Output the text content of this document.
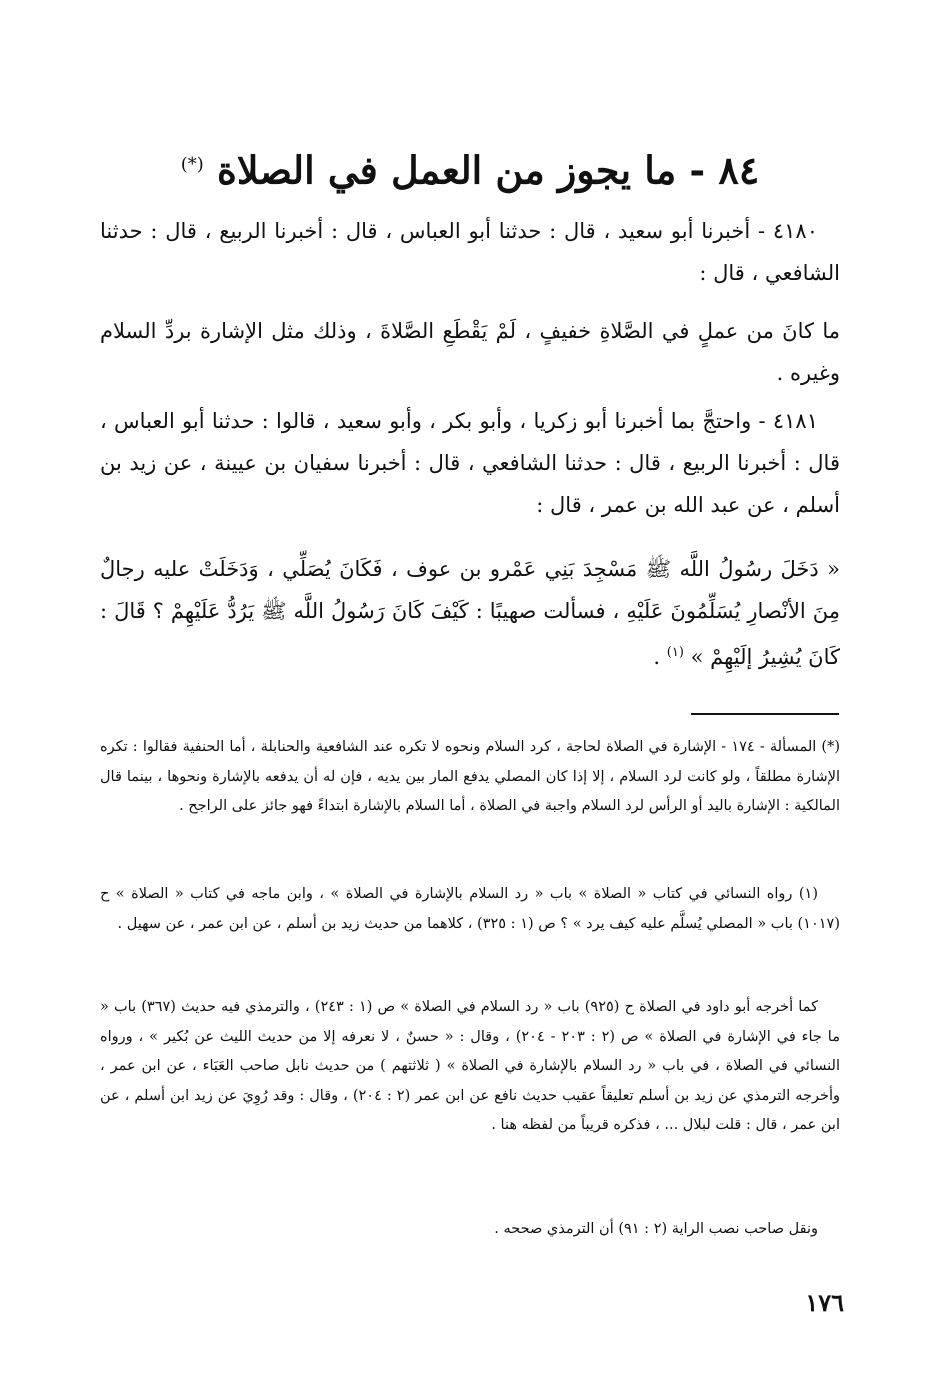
٨٤ - ما يجوز من العمل في الصلاة (*)
٤١٨٠ - أخبرنا أبو سعيد ، قال : حدثنا أبو العباس ، قال : أخبرنا الربيع ، قال : حدثنا الشافعي ، قال :
ما كانَ من عملٍ في الصَّلاةِ خفيفٍ ، لَمْ يَقْطَعِ الصَّلاةَ ، وذلك مثل الإشارة بردِّ السلام وغيره .
٤١٨١ - واحتجَّ بما أخبرنا أبو زكريا ، وأبو بكر ، وأبو سعيد ، قالوا : حدثنا أبو العباس ، قال : أخبرنا الربيع ، قال : حدثنا الشافعي ، قال : أخبرنا سفيان بن عيينة ، عن زيد بن أسلم ، عن عبد الله بن عمر ، قال :
« دَخَلَ رسُولُ اللَّه ﷺ مَسْجِدَ بَنِي عَمْرو بن عوف ، فَكَانَ يُصَلِّي ، وَدَخَلَتْ عليه رجالٌ مِنَ الأنْصارِ يُسَلِّمُونَ عَلَيْهِ ، فسألت صهيبًا : كَيْفَ كَانَ رَسُولُ اللَّه ﷺ يَرُدُّ عَلَيْهِمْ ؟ قَالَ : كَانَ يُشِيرُ إلَيْهِمْ » $^{(١)}$ .
(*) المسألة - ١٧٤ - الإشارة في الصلاة لحاجة ، كرد السلام ونحوه لا تكره عند الشافعية والحنابلة ، أما الحنفية فقالوا : تكره الإشارة مطلقاً ، ولو كانت لرد السلام ، إلا إذا كان المصلي يدفع المار بين يديه ، فإن له أن يدفعه بالإشارة ونحوها ، بينما قال المالكية : الإشارة باليد أو الرأس لرد السلام واجبة في الصلاة ، أما السلام بالإشارة ابتداءً فهو جائز على الراجح .
(١) رواه النسائي في كتاب « الصلاة » باب « رد السلام بالإشارة في الصلاة » ، وابن ماجه في كتاب « الصلاة » ح (١٠١٧) باب « المصلي يُسلَّم عليه كيف يرد » ؟ ص (١ : ٣٢٥) ، كلاهما من حديث زيد بن أسلم ، عن ابن عمر ، عن سهيل .
كما أخرجه أبو داود في الصلاة ح (٩٢٥) باب « رد السلام في الصلاة » ص (١ : ٢٤٣) ، والترمذي فيه حديث (٣٦٧) باب « ما جاء في الإشارة في الصلاة » ص (٢ : ٢٠٣ - ٢٠٤) ، وقال : « حسنٌ ، لا نعرفه إلا من حديث الليث عن بُكير » ، ورواه النسائي في الصلاة ، في باب « رد السلام بالإشارة في الصلاة » ( ثلاثتهم ) من حديث نابل صاحب العَبَاء ، عن ابن عمر ، وأخرجه الترمذي عن زيد بن أسلم تعليقاً عقيب حديث نافع عن ابن عمر (٢ : ٢٠٤) ، وقال : وقد رُوِيَ عن زيد ابن أسلم ، عن ابن عمر ، قال : قلت لبلال ... ، فذكره قريباً من لفظه هنا .
ونقل صاحب نصب الراية (٢ : ٩١) أن الترمذي صححه .
١٧٦
